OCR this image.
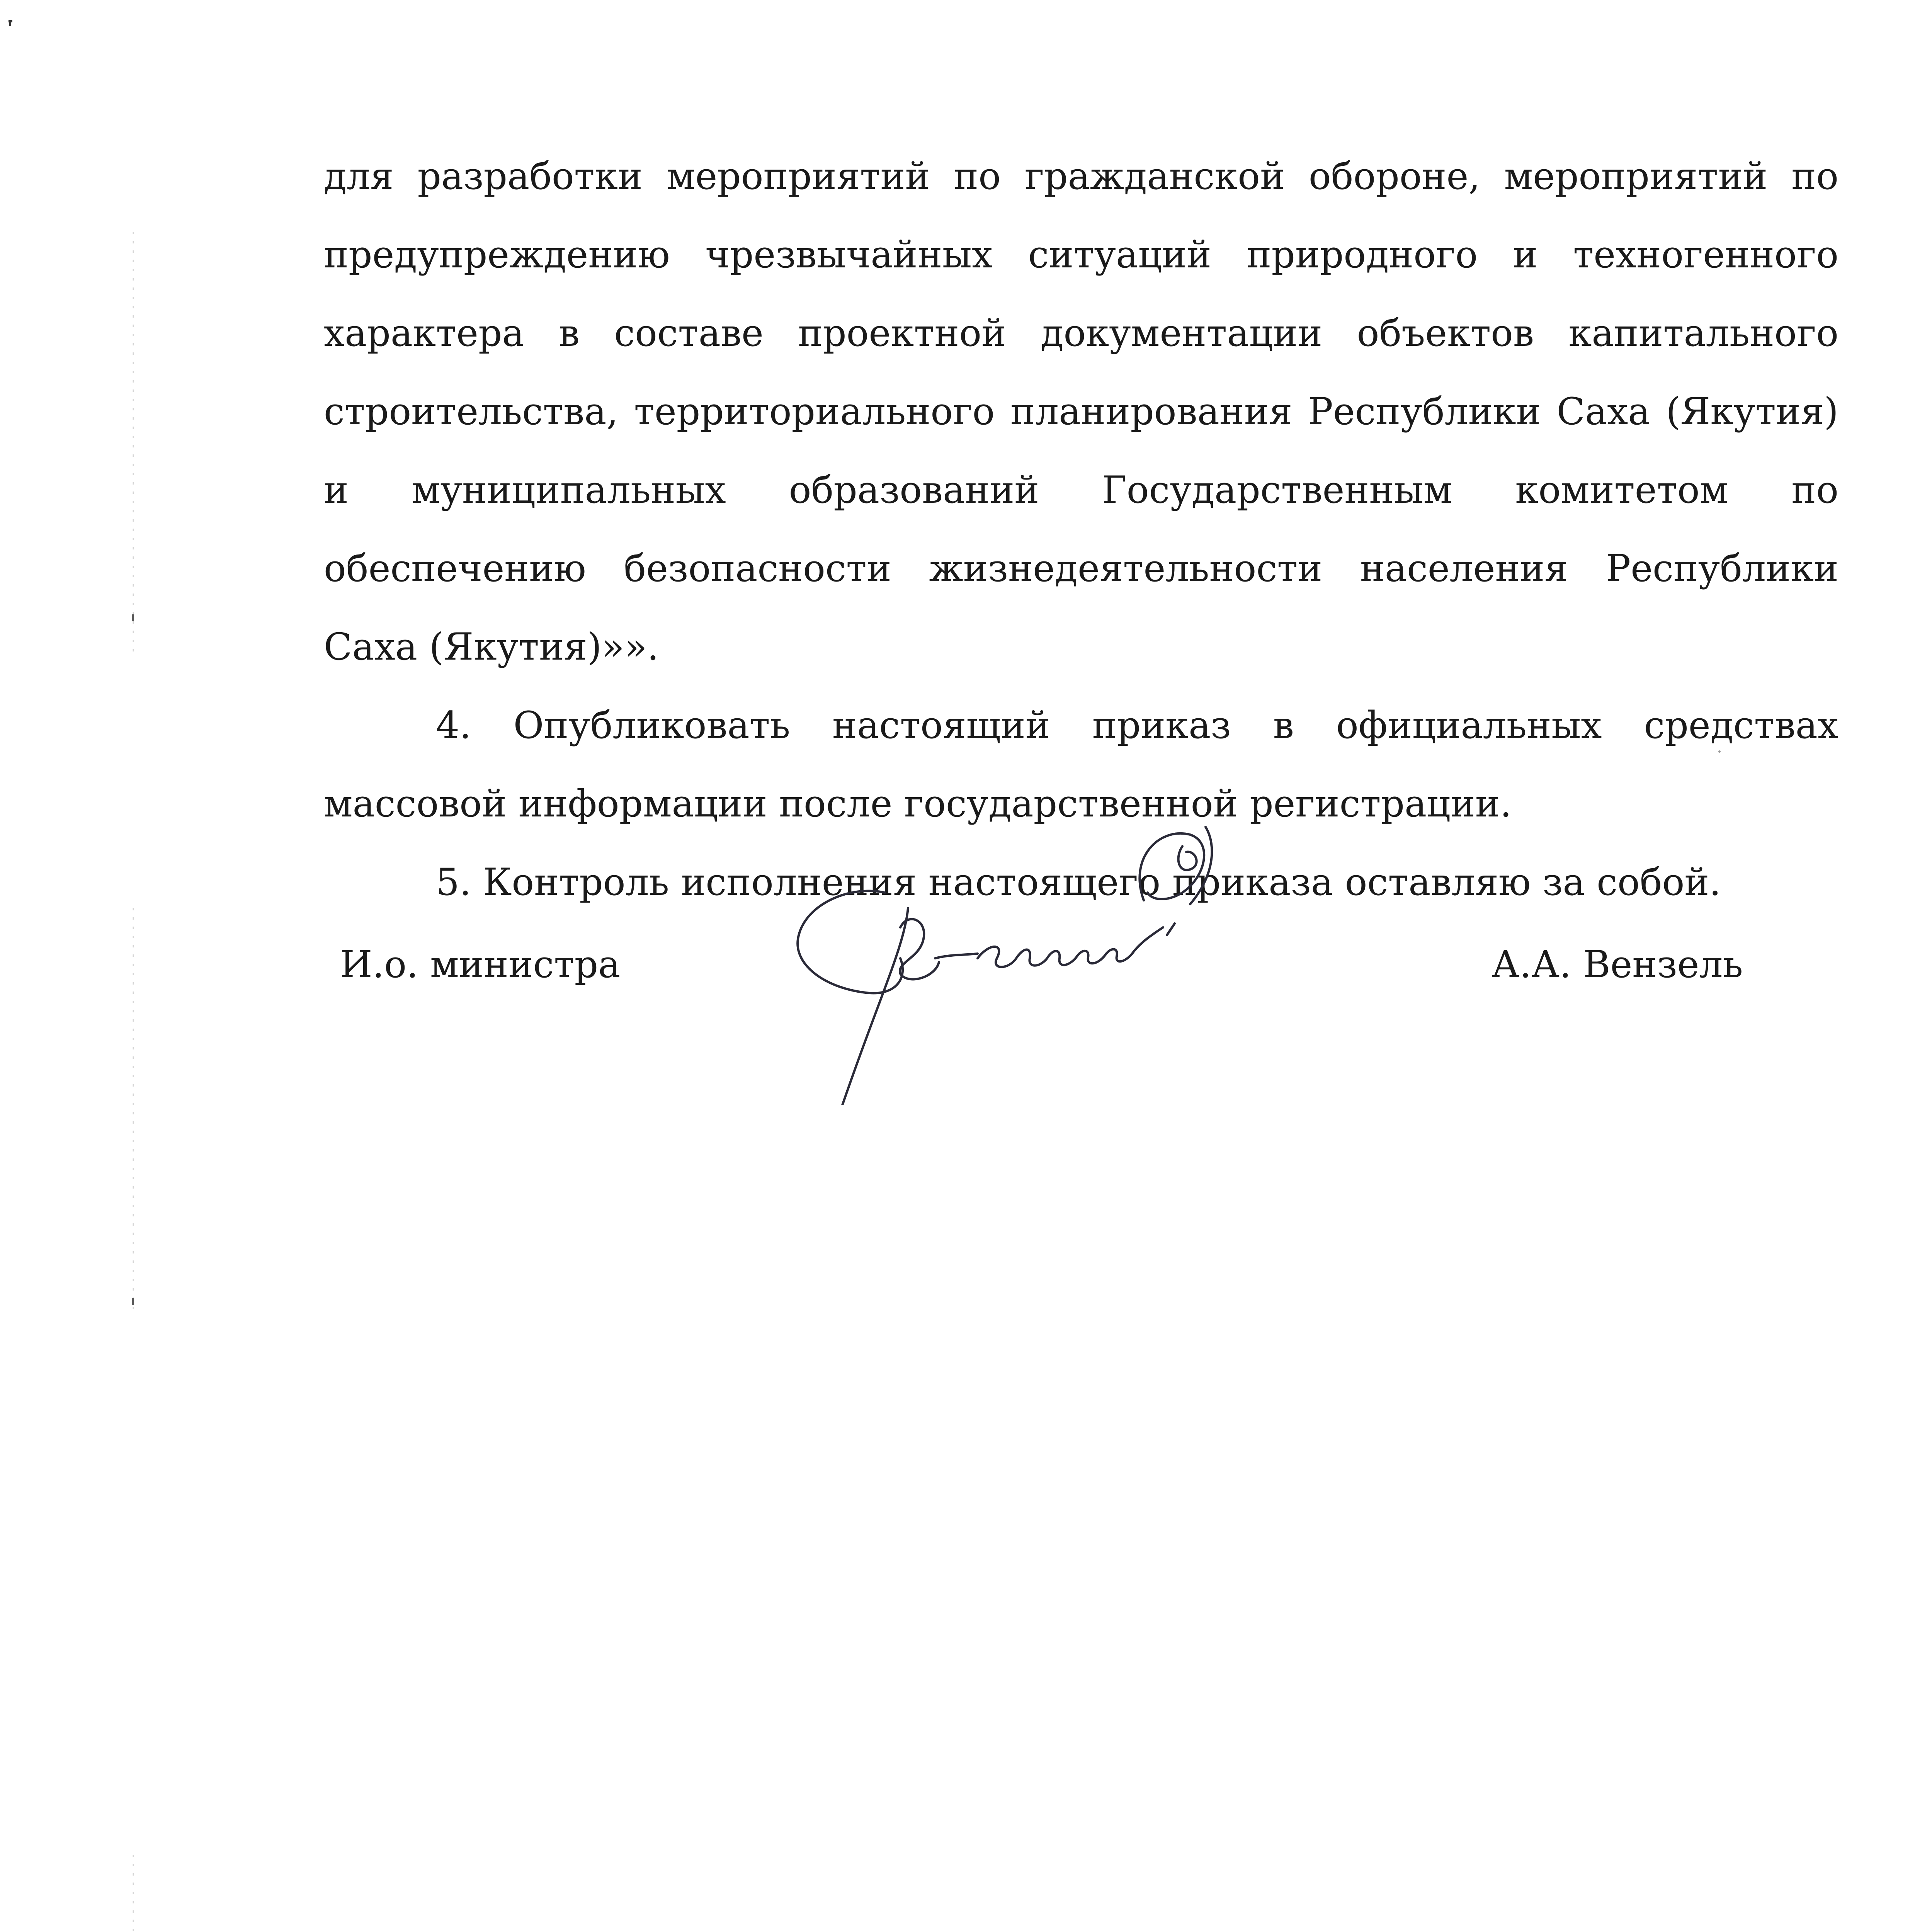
для разработки мероприятий по гражданской обороне, мероприятий по предупреждению чрезвычайных ситуаций природного и техногенного характера в составе проектной документации объектов капитального строительства, территориального планирования Республики Саха (Якутия) и муниципальных образований Государственным комитетом по обеспечению безопасности жизнедеятельности населения Республики Саха (Якутия)»».

4. Опубликовать настоящий приказ в официальных средствах массовой информации после государственной регистрации.

5. Контроль исполнения настоящего приказа оставляю за собой.

И.о. министра	А.А. Вензель
